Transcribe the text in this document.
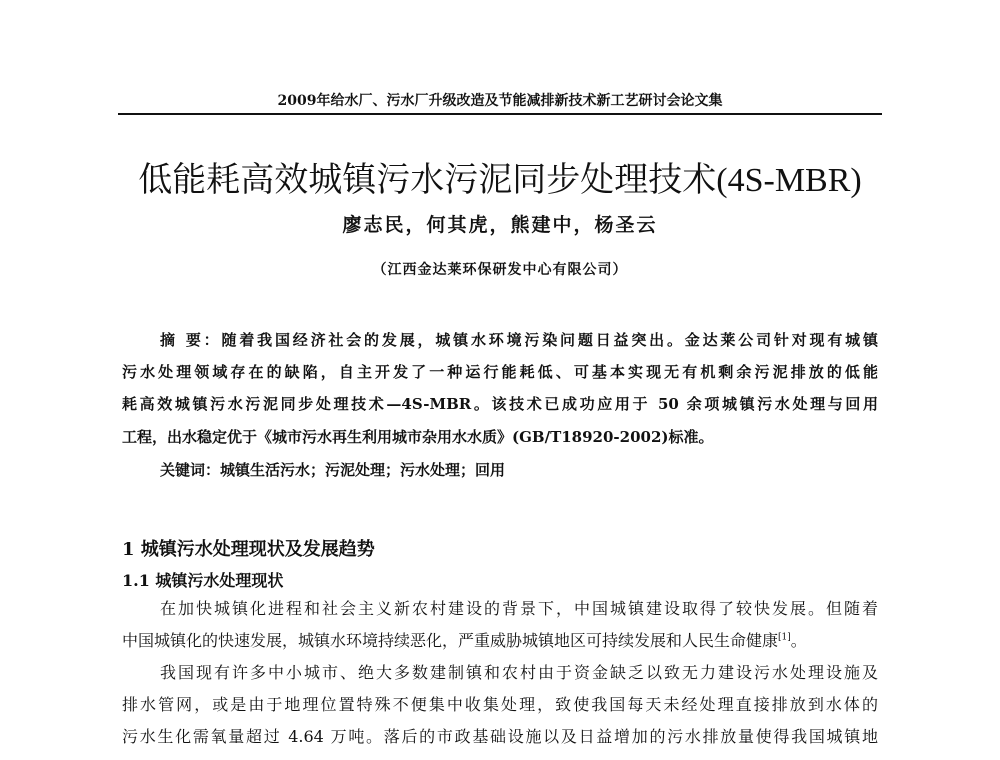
2009年给水厂、污水厂升级改造及节能减排新技术新工艺研讨会论文集
低能耗高效城镇污水污泥同步处理技术(4S-MBR)
廖志民，何其虎，熊建中，杨圣云
（江西金达莱环保研发中心有限公司）
摘 要：随着我国经济社会的发展，城镇水环境污染问题日益突出。金达莱公司针对现有城镇
污水处理领域存在的缺陷，自主开发了一种运行能耗低、可基本实现无有机剩余污泥排放的低能
耗高效城镇污水污泥同步处理技术—4S-MBR。该技术已成功应用于 50 余项城镇污水处理与回用
工程，出水稳定优于《城市污水再生利用城市杂用水水质》(GB/T18920-2002)标准。
关键词：城镇生活污水；污泥处理；污水处理；回用
1 城镇污水处理现状及发展趋势
1.1 城镇污水处理现状
在加快城镇化进程和社会主义新农村建设的背景下，中国城镇建设取得了较快发展。但随着
中国城镇化的快速发展，城镇水环境持续恶化，严重威胁城镇地区可持续发展和人民生命健康[1]。
我国现有许多中小城市、绝大多数建制镇和农村由于资金缺乏以致无力建设污水处理设施及
排水管网，或是由于地理位置特殊不便集中收集处理，致使我国每天未经处理直接排放到水体的
污水生化需氧量超过 4.64 万吨。落后的市政基础设施以及日益增加的污水排放量使得我国城镇地
